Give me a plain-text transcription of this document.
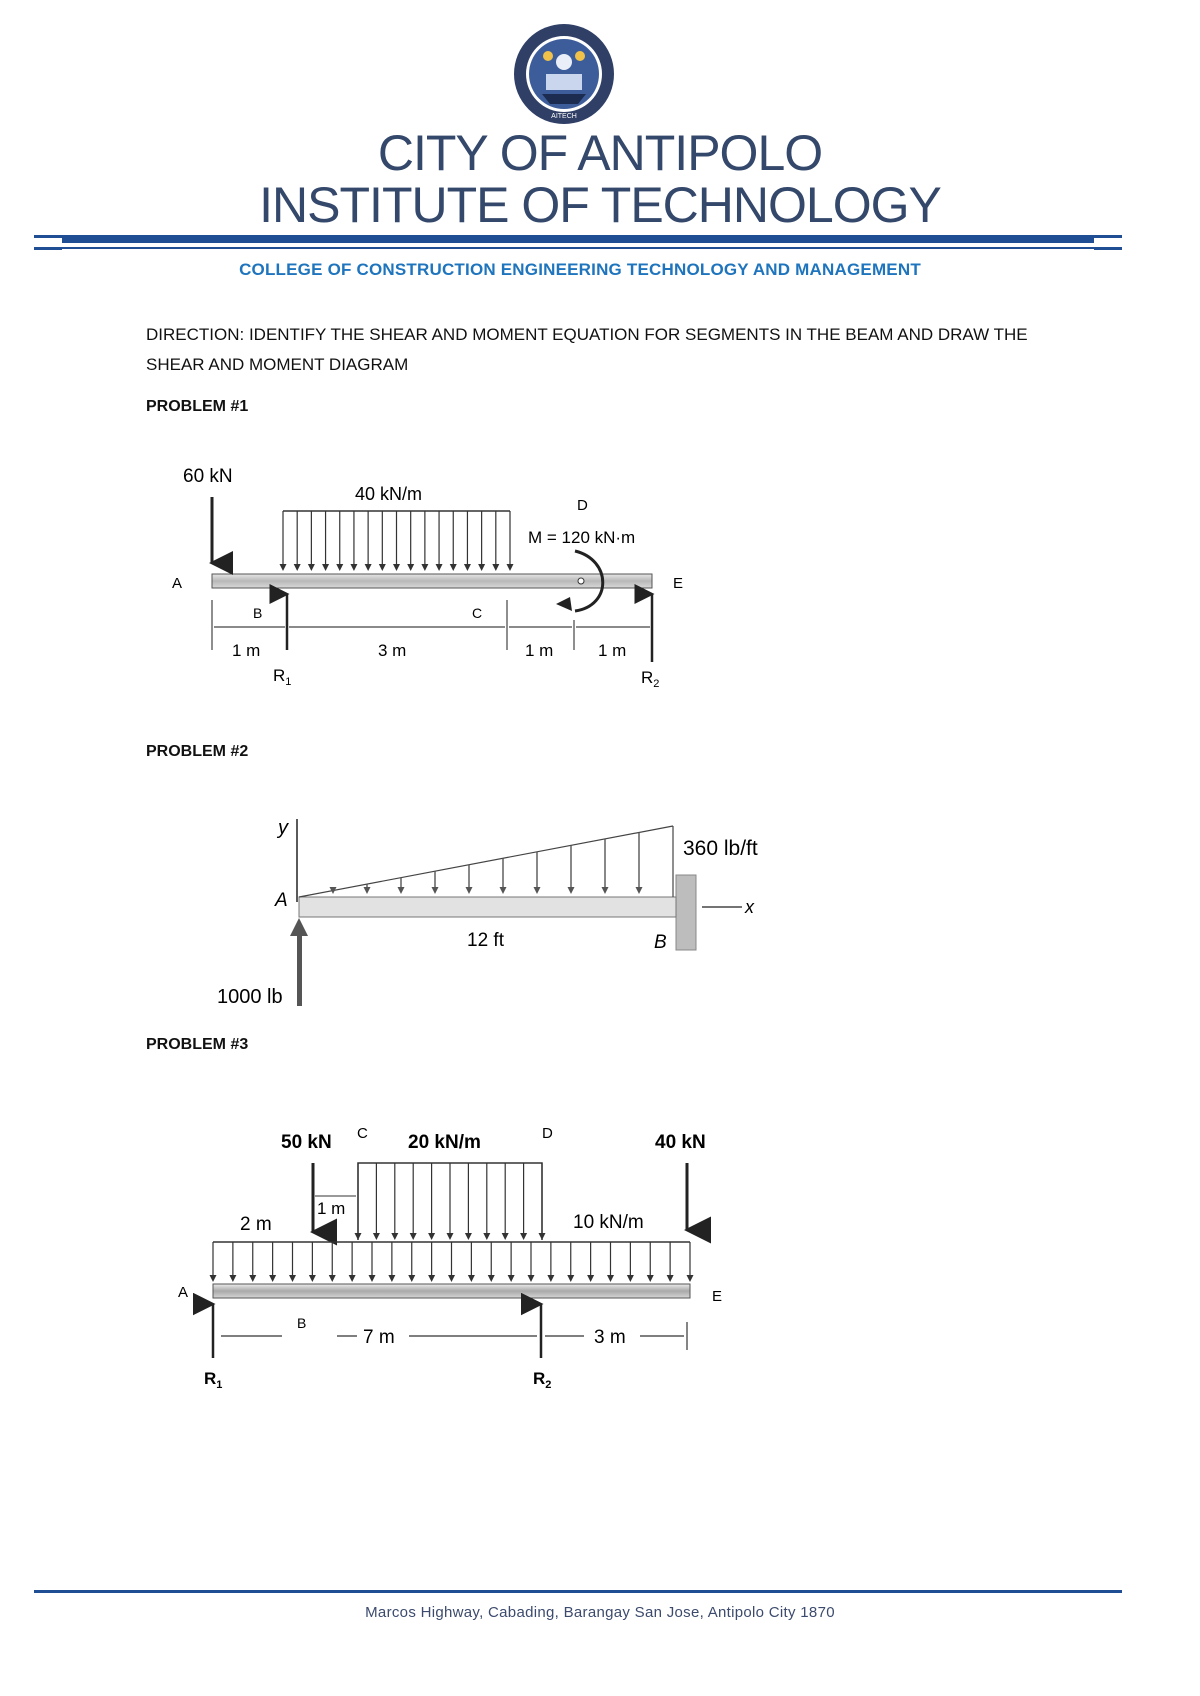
AITECH
CITY OF ANTIPOLO
INSTITUTE OF TECHNOLOGY
COLLEGE OF CONSTRUCTION ENGINEERING TECHNOLOGY AND MANAGEMENT
DIRECTION: IDENTIFY THE SHEAR AND MOMENT EQUATION FOR SEGMENTS IN THE BEAM AND DRAW THE SHEAR AND MOMENT DIAGRAM
PROBLEM #1
PROBLEM #2
PROBLEM #3
60 kN
40 kN/m
D
M = 120 kN·m
A	E
B	C
1 m	3 m	1 m	1 m
$R_1$	$R_2$
y
A
360 lb/ft
x
12 ft	B
1000 lb
50 kN C 20 kN/m	D	40 kN
1 m
2 m	10 kN/m
A	E
B
7 m	3 m
$R_1$	$R_2$
Marcos Highway, Cabading, Barangay San Jose, Antipolo City 1870
